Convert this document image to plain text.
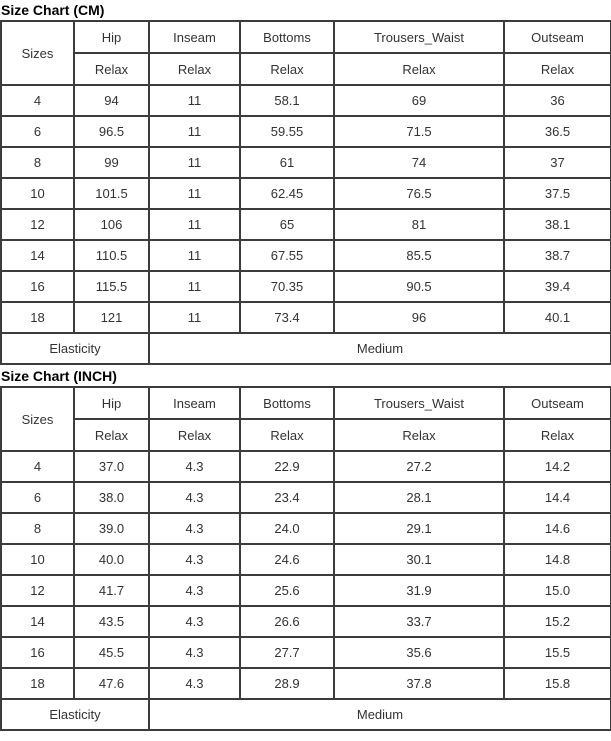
Size Chart (CM)
Sizes	Hip	Inseam	Bottoms	Trousers_Waist	Outseam
	Relax	Relax	Relax	Relax	Relax
4	94	11	58.1	69	36
6	96.5	11	59.55	71.5	36.5
8	99	11	61	74	37
10	101.5	11	62.45	76.5	37.5
12	106	11	65	81	38.1
14	110.5	11	67.55	85.5	38.7
16	115.5	11	70.35	90.5	39.4
18	121	11	73.4	96	40.1
Elasticity		Medium			
Size Chart (INCH)
Sizes	Hip	Inseam	Bottoms	Trousers_Waist	Outseam
	Relax	Relax	Relax	Relax	Relax
4	37.0	4.3	22.9	27.2	14.2
6	38.0	4.3	23.4	28.1	14.4
8	39.0	4.3	24.0	29.1	14.6
10	40.0	4.3	24.6	30.1	14.8
12	41.7	4.3	25.6	31.9	15.0
14	43.5	4.3	26.6	33.7	15.2
16	45.5	4.3	27.7	35.6	15.5
18	47.6	4.3	28.9	37.8	15.8
Elasticity		Medium			
